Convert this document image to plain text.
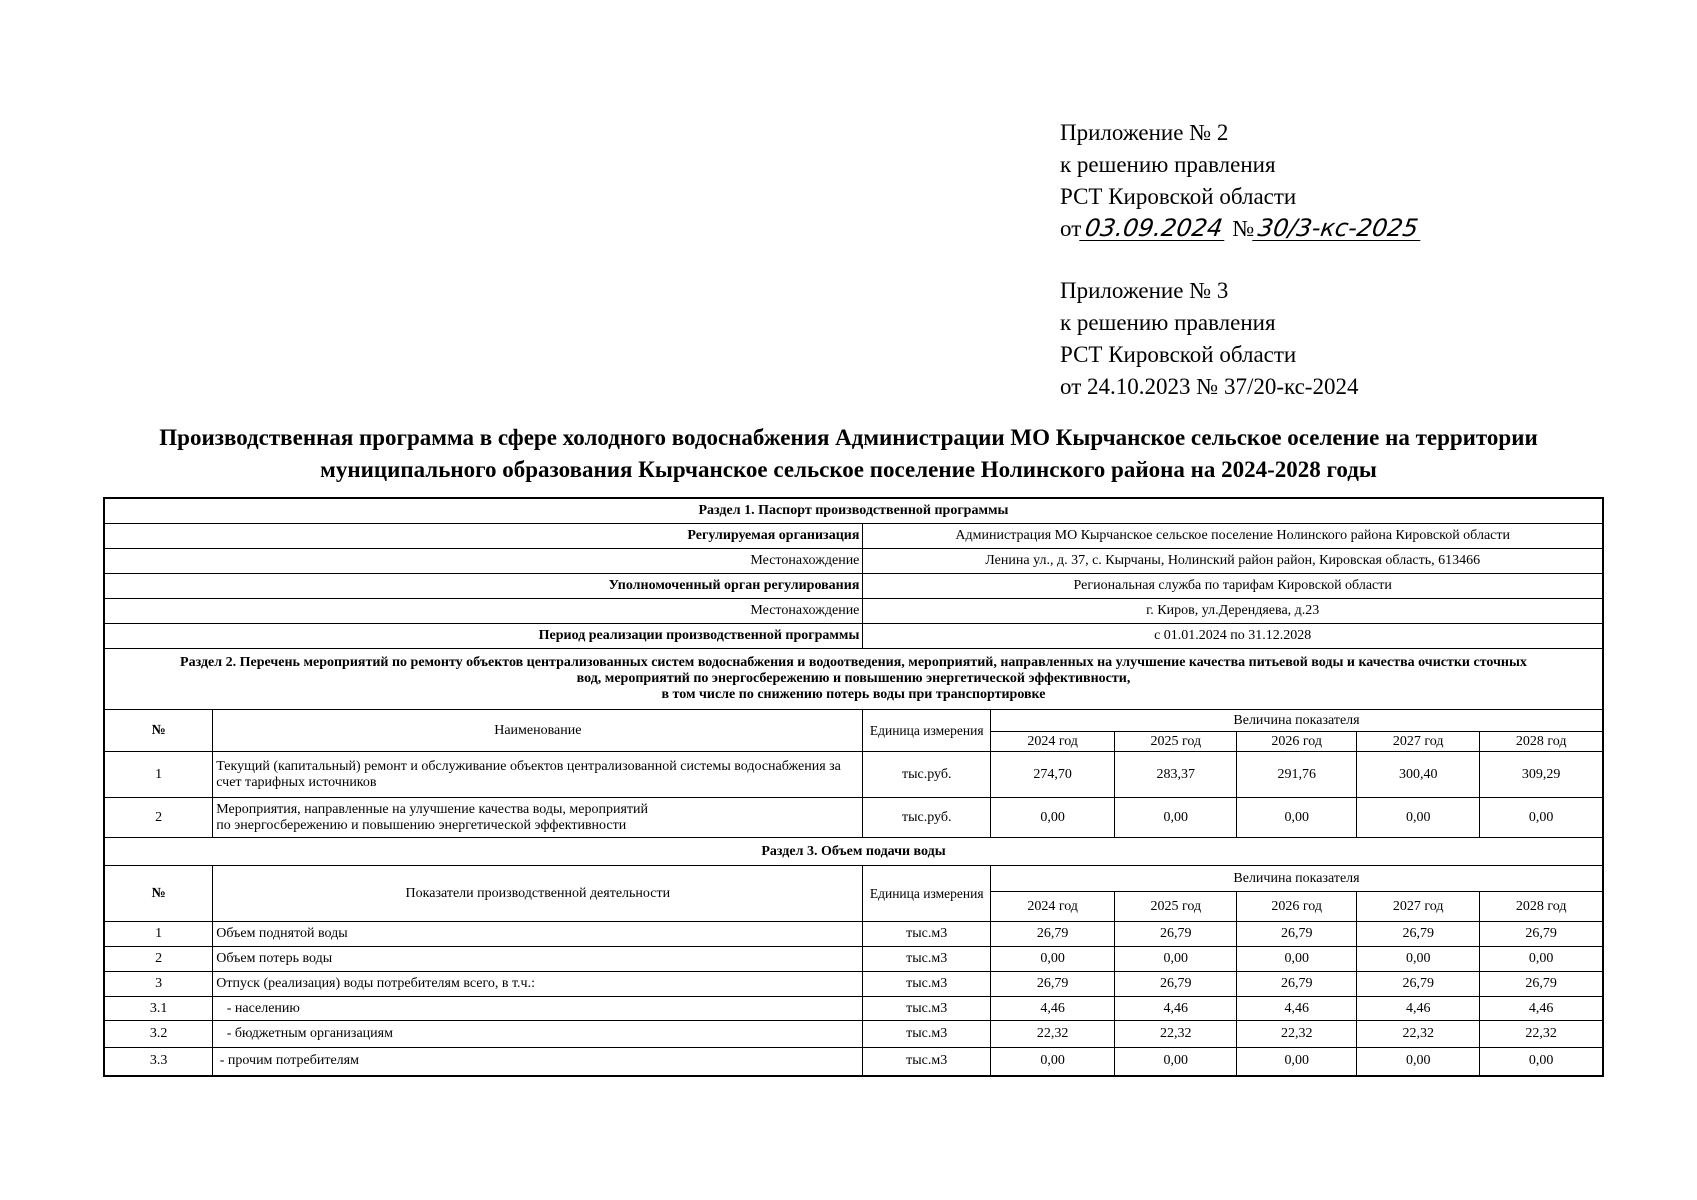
Приложение № 2
к решению правления
РСТ Кировской области
от03.09.2024 №30/3-кс-2025
Приложение № 3
к решению правления
РСТ Кировской области
от 24.10.2023 № 37/20-кс-2024
Производственная программа в сфере холодного водоснабжения Администрации МО Кырчанское сельское оселение на территории
муниципального образования Кырчанское сельское поселение Нолинского района на 2024-2028 годы
Раздел 1. Паспорт производственной программы							
Регулируемая организация		Администрация МО Кырчанское сельское поселение Нолинского района Кировской области					
Местонахождение		Ленина ул., д. 37, с. Кырчаны, Нолинский район район, Кировская область, 613466					
Уполномоченный орган регулирования		Региональная служба по тарифам Кировской области					
Местонахождение		г. Киров, ул.Дерендяева, д.23					
Период реализации производственной программы		с 01.01.2024 по 31.12.2028					

Раздел 2. Перечень мероприятий по ремонту объектов централизованных систем водоснабжения и водоотведения, мероприятий, направленных на улучшение качества питьевой воды и качества очистки сточных
вод, мероприятий по энергосбережению и повышению энергетической эффективности,
в том числе по снижению потерь воды при транспортировке							

№	Наименование	Единица измерения	Величина показателя				
			2024 год	2025 год	2026 год	2027 год	2028 год
1	Текущий (капитальный) ремонт и обслуживание объектов централизованной системы водоснабжения за
счет тарифных источников	тыс.руб.	274,70	283,37	291,76	300,40	309,29
2	Мероприятия, направленные на улучшение качества воды, мероприятий
по энергосбережению и повышению энергетической эффективности	тыс.руб.	0,00	0,00	0,00	0,00	0,00
Раздел 3. Объем подачи воды							
№	Показатели производственной деятельности	Единица измерения	Величина показателя				
			2024 год	2025 год	2026 год	2027 год	2028 год
1	Объем поднятой воды	тыс.м3	26,79	26,79	26,79	26,79	26,79
2	Объем потерь воды	тыс.м3	0,00	0,00	0,00	0,00	0,00
3	Отпуск (реализация) воды потребителям всего, в т.ч.:	тыс.м3	26,79	26,79	26,79	26,79	26,79
3.1	- населению	тыс.м3	4,46	4,46	4,46	4,46	4,46
3.2	- бюджетным организациям	тыс.м3	22,32	22,32	22,32	22,32	22,32
3.3	- прочим потребителям	тыс.м3	0,00	0,00	0,00	0,00	0,00
